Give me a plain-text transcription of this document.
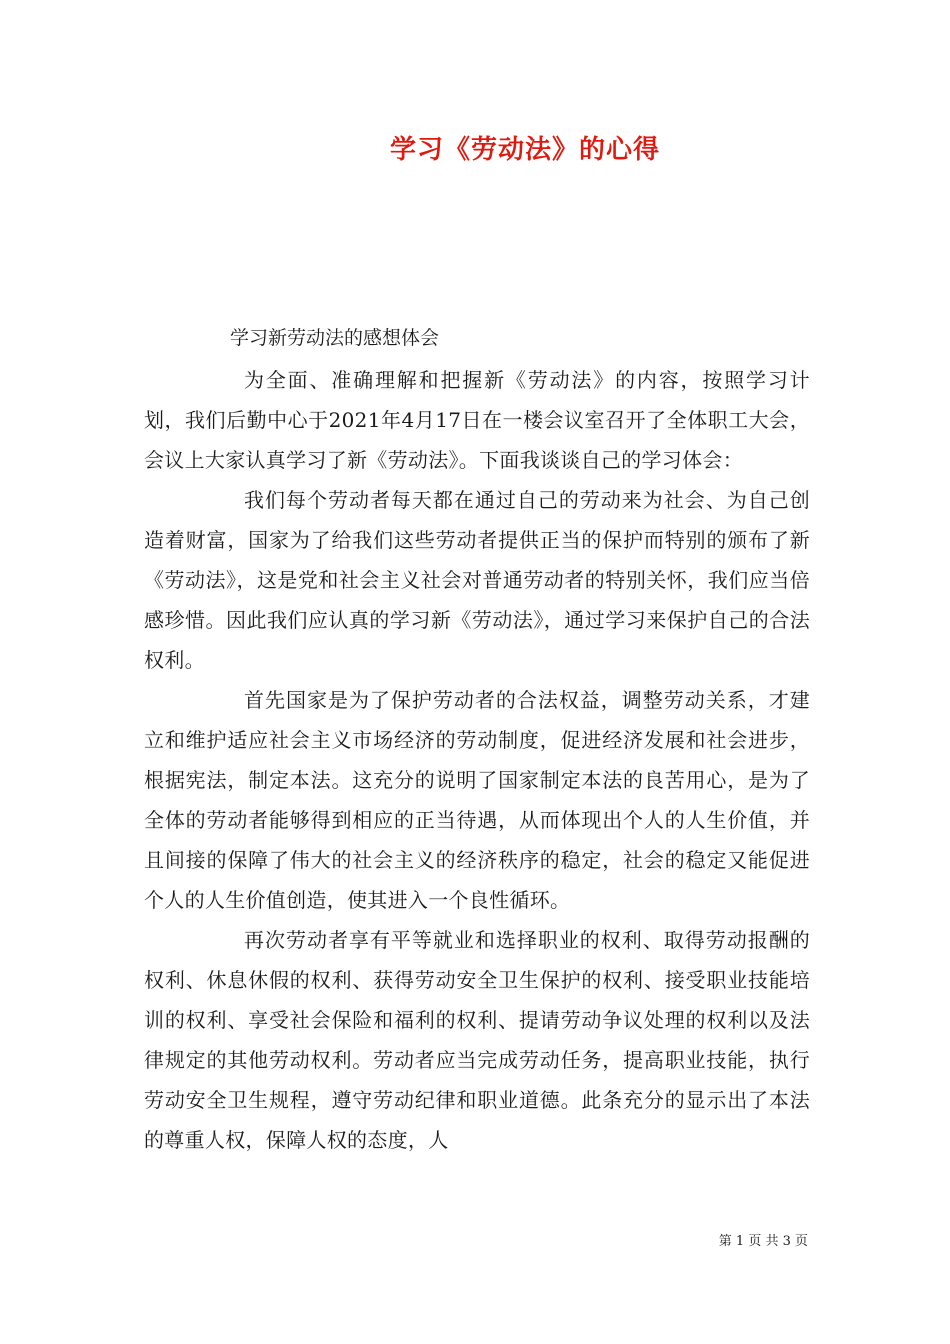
学习《劳动法》的心得
学习新劳动法的感想体会

为全面、准确理解和把握新《劳动法》的内容，按照学习计划，我们后勤中心于2021年4月17日在一楼会议室召开了全体职工大会，会议上大家认真学习了新《劳动法》。下面我谈谈自己的学习体会：

我们每个劳动者每天都在通过自己的劳动来为社会、为自己创造着财富，国家为了给我们这些劳动者提供正当的保护而特别的颁布了新《劳动法》，这是党和社会主义社会对普通劳动者的特别关怀，我们应当倍感珍惜。因此我们应认真的学习新《劳动法》，通过学习来保护自己的合法权利。

首先国家是为了保护劳动者的合法权益，调整劳动关系，才建立和维护适应社会主义市场经济的劳动制度，促进经济发展和社会进步，根据宪法，制定本法。这充分的说明了国家制定本法的良苦用心，是为了全体的劳动者能够得到相应的正当待遇，从而体现出个人的人生价值，并且间接的保障了伟大的社会主义的经济秩序的稳定，社会的稳定又能促进个人的人生价值创造，使其进入一个良性循环。

再次劳动者享有平等就业和选择职业的权利、取得劳动报酬的权利、休息休假的权利、获得劳动安全卫生保护的权利、接受职业技能培训的权利、享受社会保险和福利的权利、提请劳动争议处理的权利以及法律规定的其他劳动权利。劳动者应当完成劳动任务，提高职业技能，执行劳动安全卫生规程，遵守劳动纪律和职业道德。此条充分的显示出了本法的尊重人权，保障人权的态度，人

第 1 页 共 3 页
